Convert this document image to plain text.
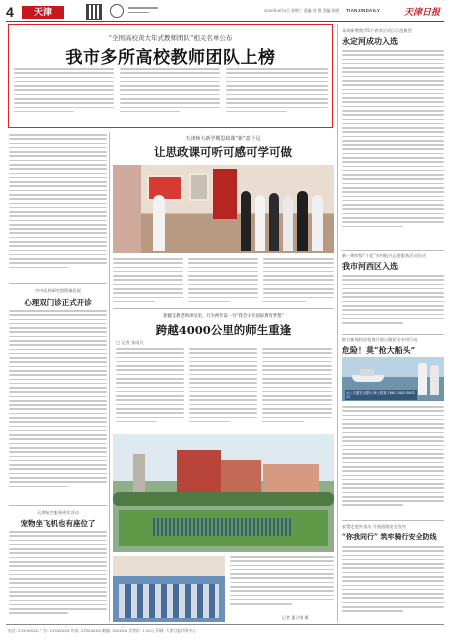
4 天津	2020年6月5日 星期三 责编:刘 群 美编:张晓 TIANJINDAILY	天津日报
“全国高校黄大年式教师团队”相关名单公布
我市多所高校教师团队上榜
本周新增我市5个省市区项目示范典型
永定河成功入选
新一期市级“十佳”乡村振兴志愿服务活动启动
我市河西区入选
联合新闻执法检查开展公路安全专项行动
危险！莫“抢大船头”
水上交通安全提示 海上救援 1861 2005 8832 22
安警走进外卖员 开展道路安全宣传
“你我同行” 筑牢骑行安全防线
天津师大新学期思政课“新”意十足
让思政课可听可感可学可做
市中医药研究院附属医院
心理双门诊正式开诊
天津航空服务周年活动
宠物坐飞机也有座位了
新疆支教老师津沽里，只为两年前一句“我会守住国际教育梦想”
跨越4000公里的师生重逢
□ 记者 张雨凡
记者 董立纲 摄
电话: 2330XXXX 广告: 2330XXXX 传真: 2330XXXX 邮编: 300XXX 零售价: 1.50元 印刷: 天津日报印务中心
